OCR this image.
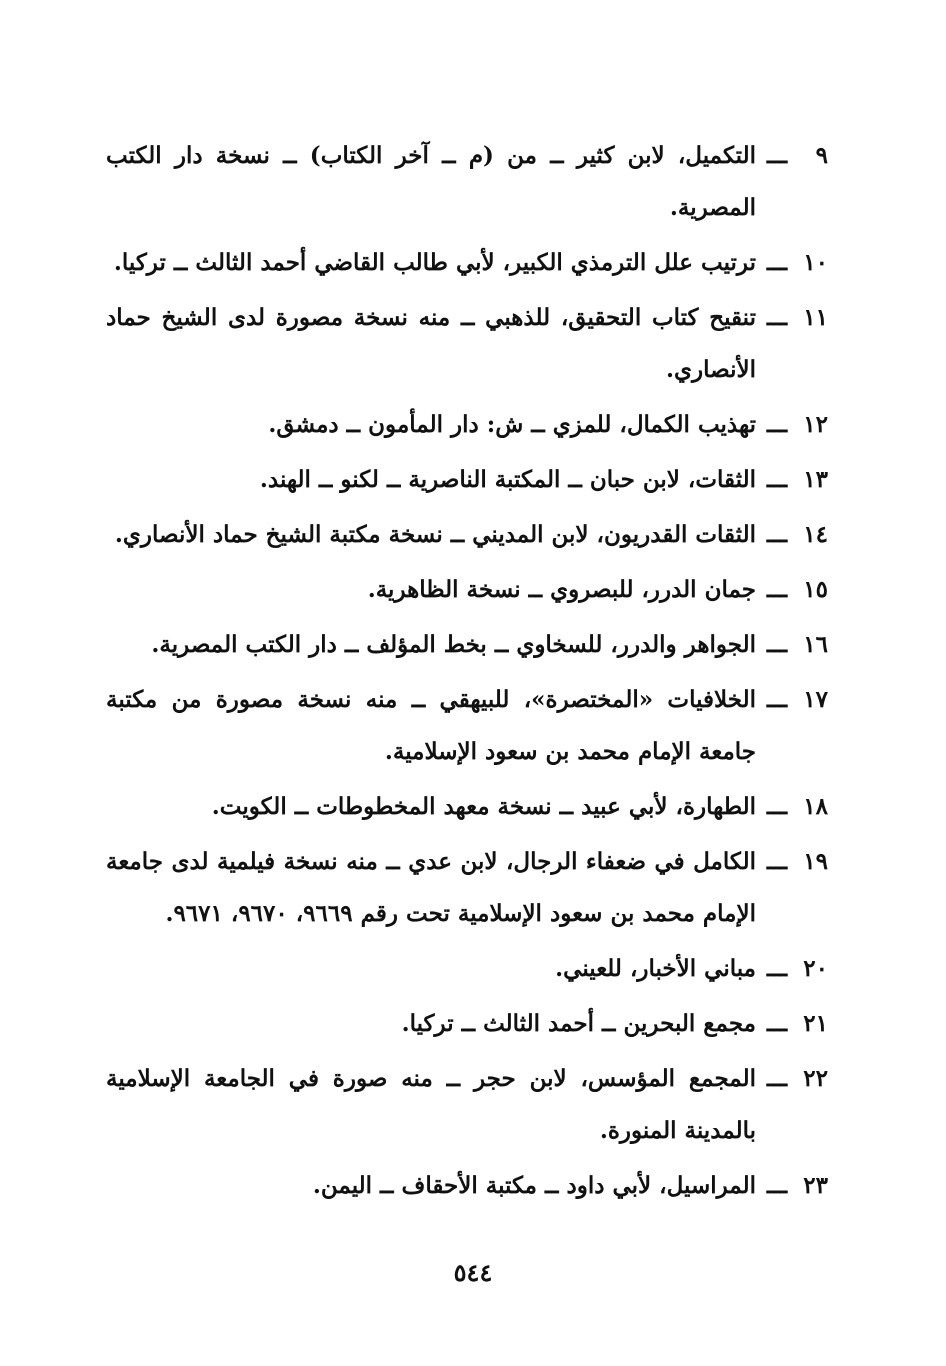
٩
ـــ
التكميل، لابن كثير ــ من (م ــ آخر الكتاب) ــ نسخة دار الكتب المصرية.
١٠
ـــ
ترتيب علل الترمذي الكبير، لأبي طالب القاضي أحمد الثالث ــ تركيا.
١١
ـــ
تنقيح كتاب التحقيق، للذهبي ــ منه نسخة مصورة لدى الشيخ حماد الأنصاري.
١٢
ـــ
تهذيب الكمال، للمزي ــ ش: دار المأمون ــ دمشق.
١٣
ـــ
الثقات، لابن حبان ــ المكتبة الناصرية ــ لكنو ــ الهند.
١٤
ـــ
الثقات القدريون، لابن المديني ــ نسخة مكتبة الشيخ حماد الأنصاري.
١٥
ـــ
جمان الدرر، للبصروي ــ نسخة الظاهرية.
١٦
ـــ
الجواهر والدرر، للسخاوي ــ بخط المؤلف ــ دار الكتب المصرية.
١٧
ـــ
الخلافيات «المختصرة»، للبيهقي ــ منه نسخة مصورة من مكتبة جامعة الإمام محمد بن سعود الإسلامية.
١٨
ـــ
الطهارة، لأبي عبيد ــ نسخة معهد المخطوطات ــ الكويت.
١٩
ـــ
الكامل في ضعفاء الرجال، لابن عدي ــ منه نسخة فيلمية لدى جامعة الإمام محمد بن سعود الإسلامية تحت رقم ٩٦٦٩، ٩٦٧٠، ٩٦٧١.
٢٠
ـــ
مباني الأخبار، للعيني.
٢١
ـــ
مجمع البحرين ــ أحمد الثالث ــ تركيا.
٢٢
ـــ
المجمع المؤسس، لابن حجر ــ منه صورة في الجامعة الإسلامية بالمدينة المنورة.
٢٣
ـــ
المراسيل، لأبي داود ــ مكتبة الأحقاف ــ اليمن.
٥٤٤
